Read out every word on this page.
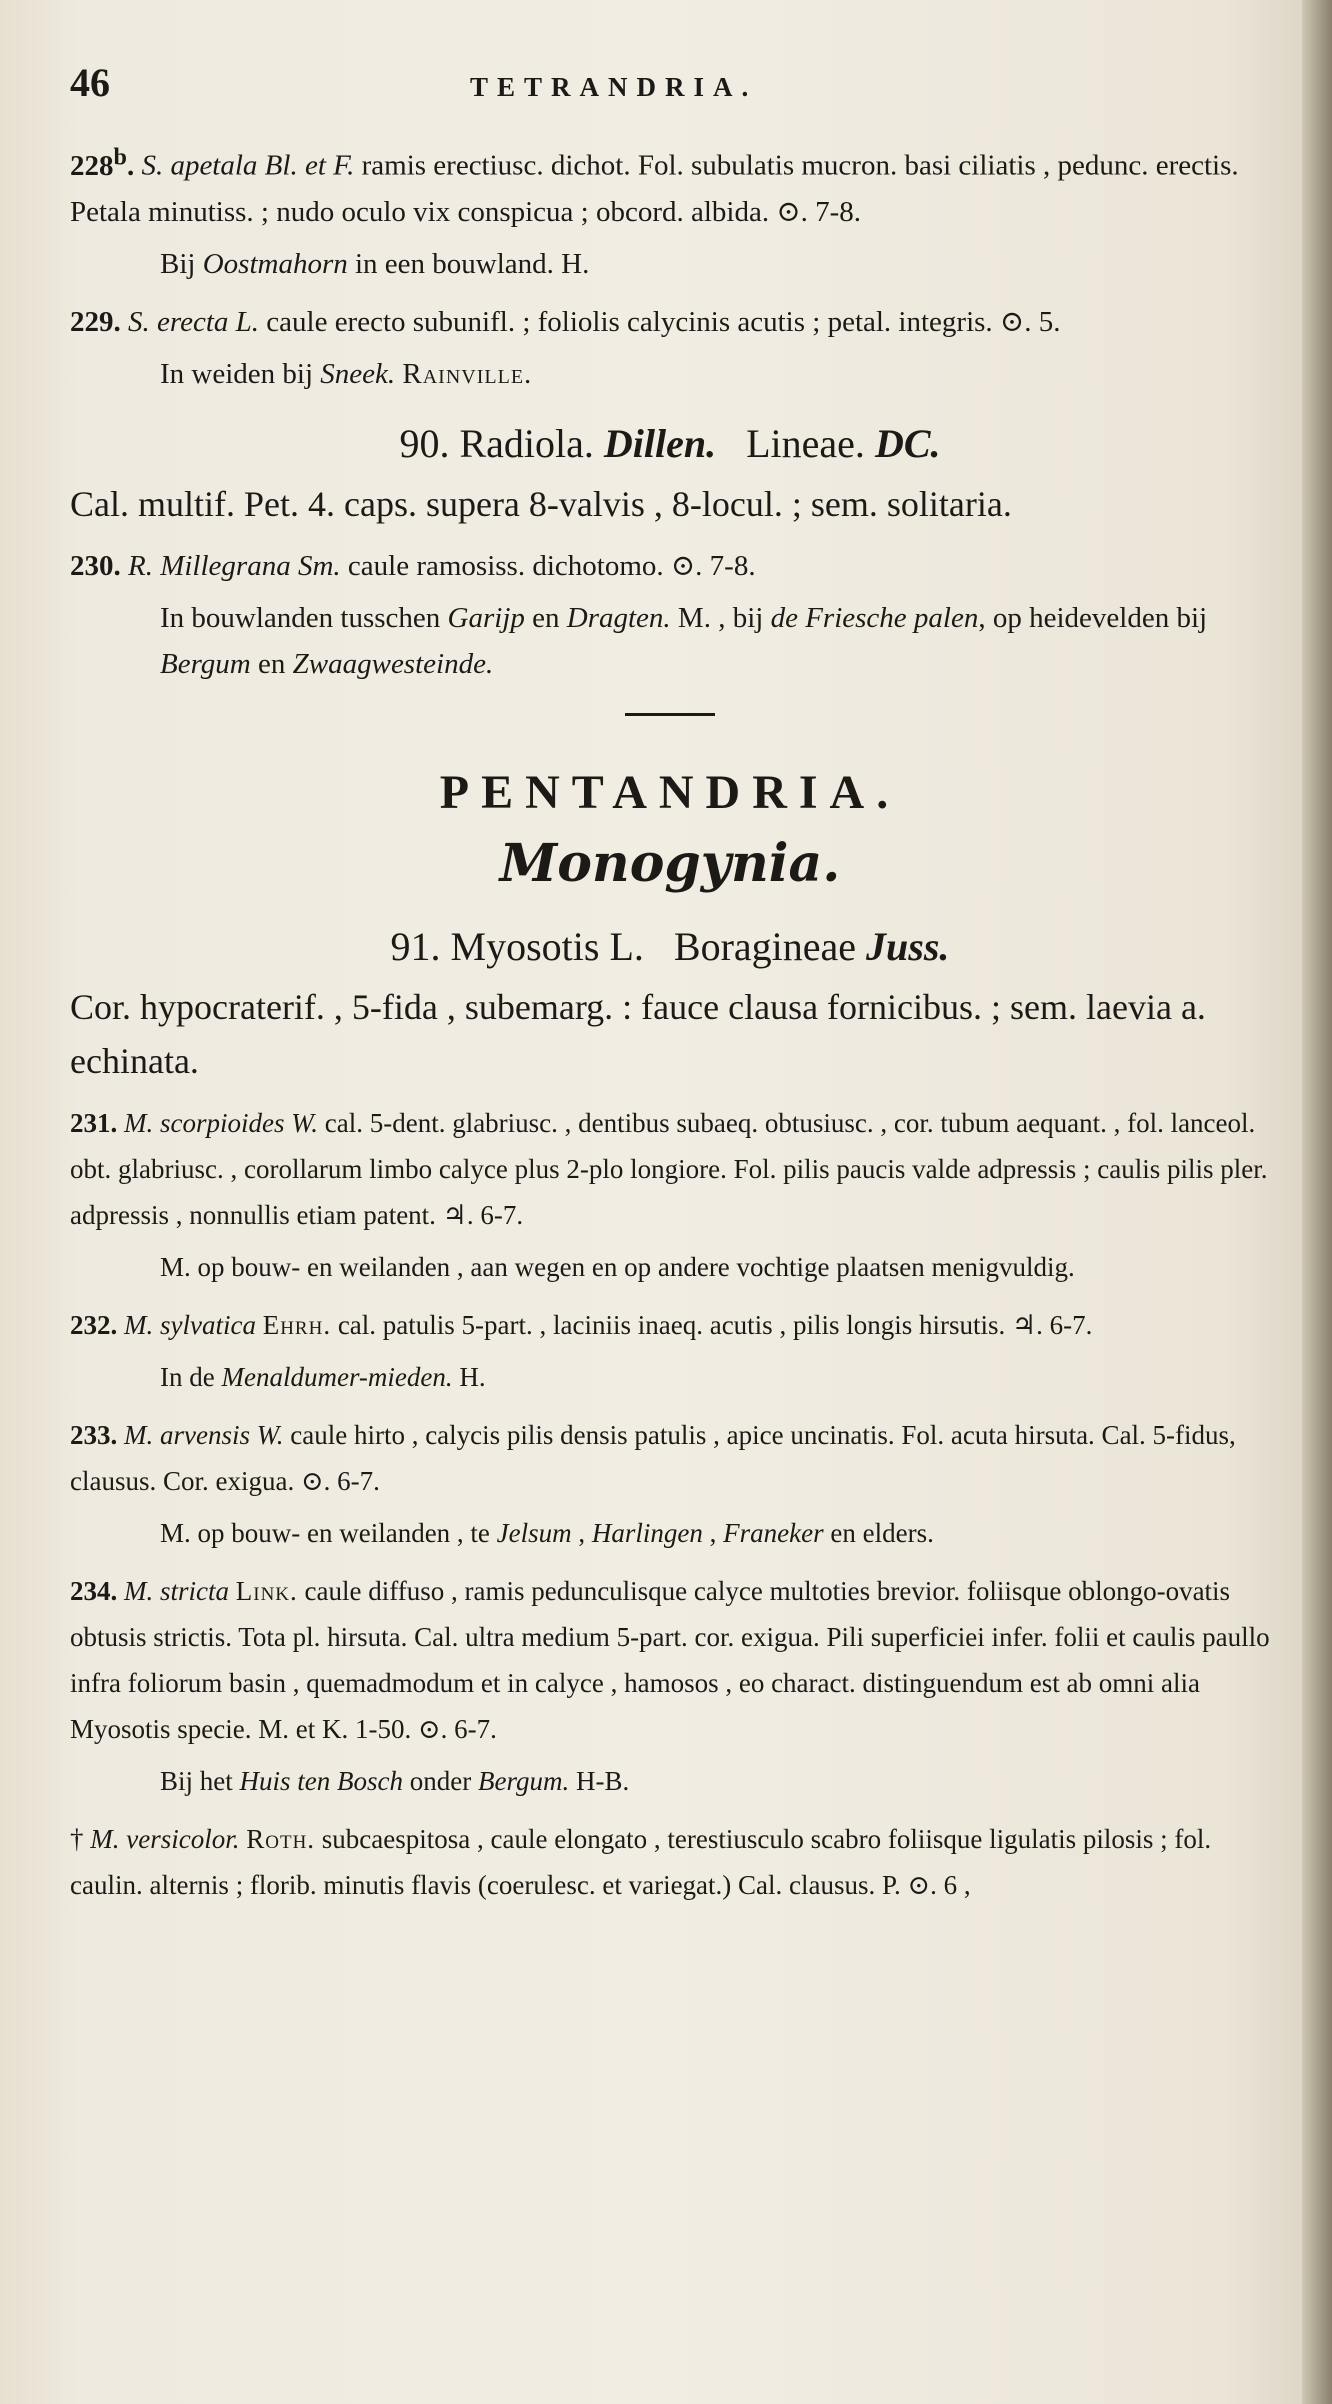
46	TETRANDRIA.

228$^b$. S. apetala Bl. et F. ramis erectiusc. dichot. Fol. subulatis mucron. basi ciliatis , pedunc. erectis. Petala minutiss. ; nudo oculo vix conspicua ; obcord. albida. ⊙. 7-8.

Bij Oostmahorn in een bouwland. H.

229. S. erecta L. caule erecto subunifl. ; foliolis calycinis acutis ; petal. integris. ⊙. 5.

In weiden bij Sneek. Rainville.

90. Radiola. Dillen. Lineae. DC.

Cal. multif. Pet. 4. caps. supera 8-valvis , 8-locul. ; sem. solitaria.

230. R. Millegrana Sm. caule ramosiss. dichotomo. ⊙. 7-8.

In bouwlanden tusschen Garijp en Dragten. M. , bij de Friesche palen, op heidevelden bij Bergum en Zwaagwesteinde.

PENTANDRIA.

Monogynia.

91. Myosotis L. Boragineae Juss.

Cor. hypocraterif. , 5-fida , subemarg. : fauce clausa fornicibus. ; sem. laevia a. echinata.

231. M. scorpioides W. cal. 5-dent. glabriusc. , dentibus subaeq. obtusiusc. , cor. tubum aequant. , fol. lanceol. obt. glabriusc. , corollarum limbo calyce plus 2-plo longiore. Fol. pilis paucis valde adpressis ; caulis pilis pler. adpressis , nonnullis etiam patent. ♃. 6-7.

M. op bouw- en weilanden , aan wegen en op andere vochtige plaatsen menigvuldig.

232. M. sylvatica Ehrh. cal. patulis 5-part. , laciniis inaeq. acutis , pilis longis hirsutis. ♃. 6-7.

In de Menaldumer-mieden. H.

233. M. arvensis W. caule hirto , calycis pilis densis patulis , apice uncinatis. Fol. acuta hirsuta. Cal. 5-fidus, clausus. Cor. exigua. ⊙. 6-7.

M. op bouw- en weilanden , te Jelsum , Harlingen , Franeker en elders.

234. M. stricta Link. caule diffuso , ramis pedunculisque calyce multoties brevior. foliisque oblongo-ovatis obtusis strictis. Tota pl. hirsuta. Cal. ultra medium 5-part. cor. exigua. Pili superficiei infer. folii et caulis paullo infra foliorum basin , quemadmodum et in calyce , hamosos , eo charact. distinguendum est ab omni alia Myosotis specie. M. et K. 1-50. ⊙. 6-7.

Bij het Huis ten Bosch onder Bergum. H-B.

† M. versicolor. Roth. subcaespitosa , caule elongato , terestiusculo scabro foliisque ligulatis pilosis ; fol. caulin. alternis ; florib. minutis flavis (coerulesc. et variegat.) Cal. clausus. P. ⊙. 6 ,
